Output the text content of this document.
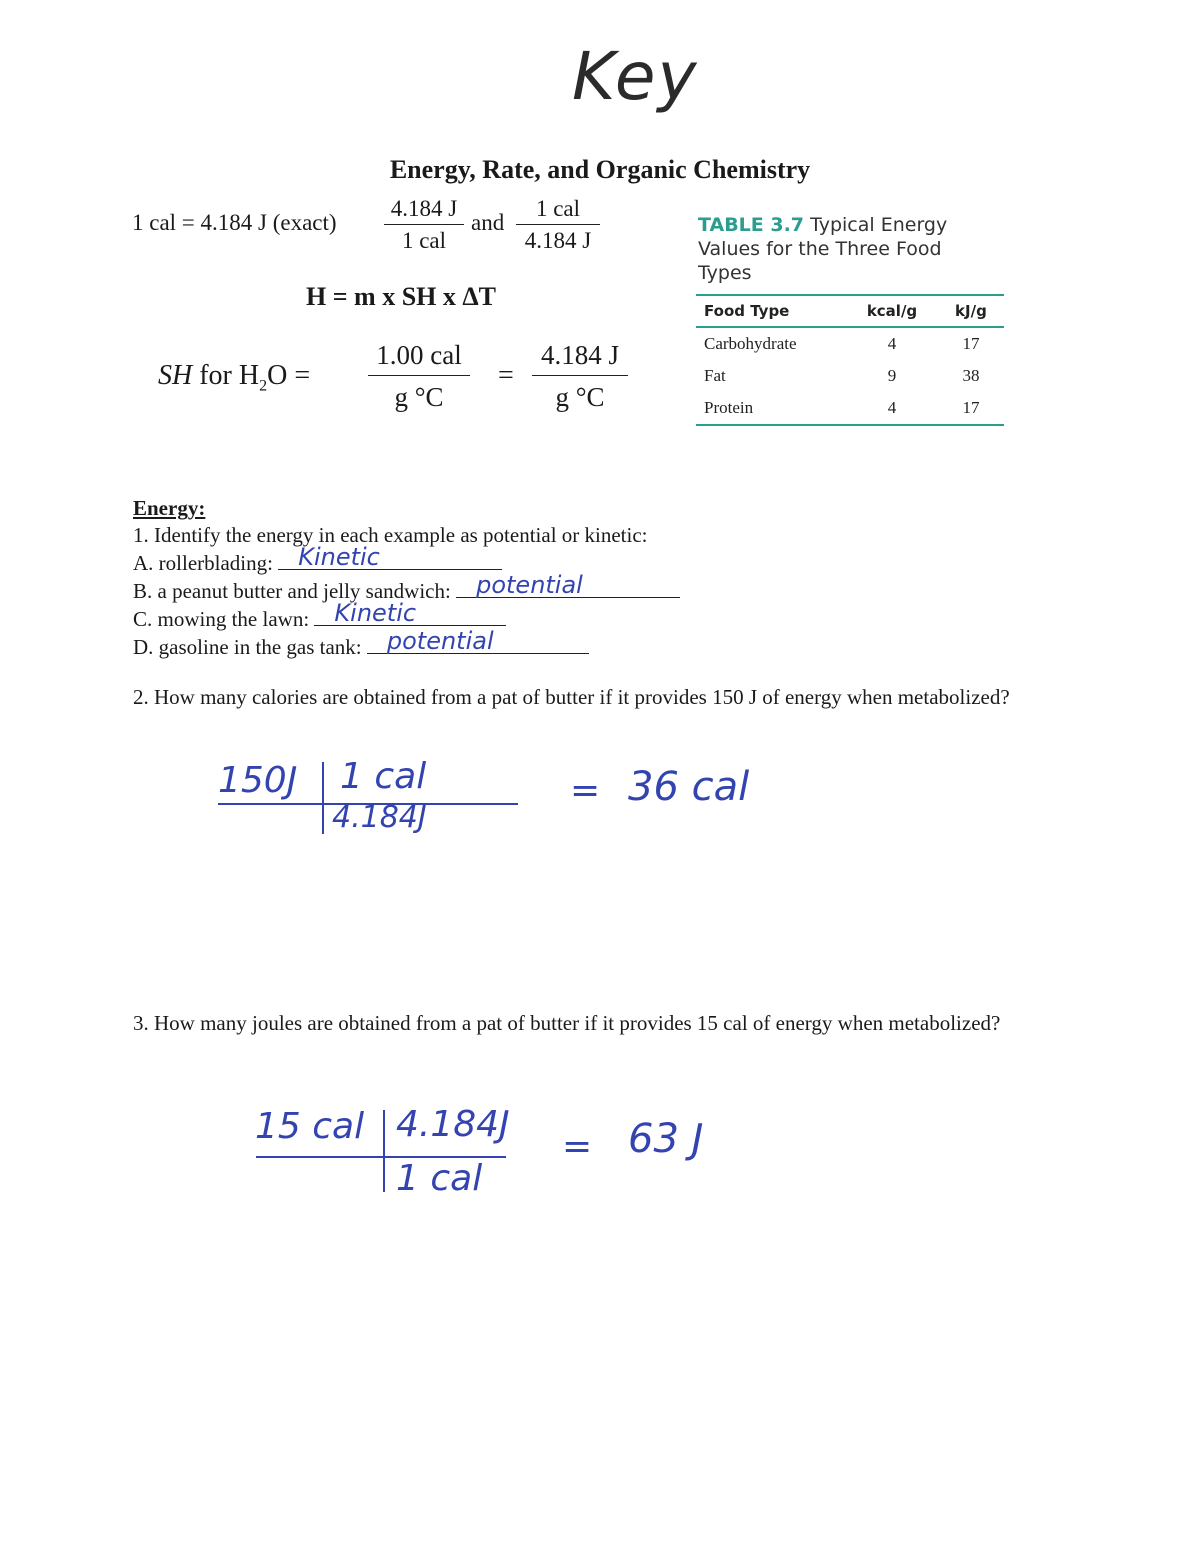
Key
Energy, Rate, and Organic Chemistry
1 cal = 4.184 J (exact)
4.184 J
1 cal
and
1 cal
4.184 J
H = m x SH x ΔT
SH for $H_2O$ =
1.00 cal
g °C
= $\frac{4.184 J}{g ^\circ C}$
TABLE 3.7 Typical Energy Values for the Three Food Types
Food Type	kcal/g	kJ/g
Carbohydrate	4	17
Fat	9	38
Protein	4	17
Energy:
1. Identify the energy in each example as potential or kinetic:
A. rollerblading: Kinetic
B. a peanut butter and jelly sandwich: potential
C. mowing the lawn: Kinetic
D. gasoline in the gas tank: potential
2. How many calories are obtained from a pat of butter if it provides 150 J of energy when metabolized?
150J 1 cal
4.184J
= 36 cal
3. How many joules are obtained from a pat of butter if it provides 15 cal of energy when metabolized?
15 cal 4.184J
1 cal
= 63 J
